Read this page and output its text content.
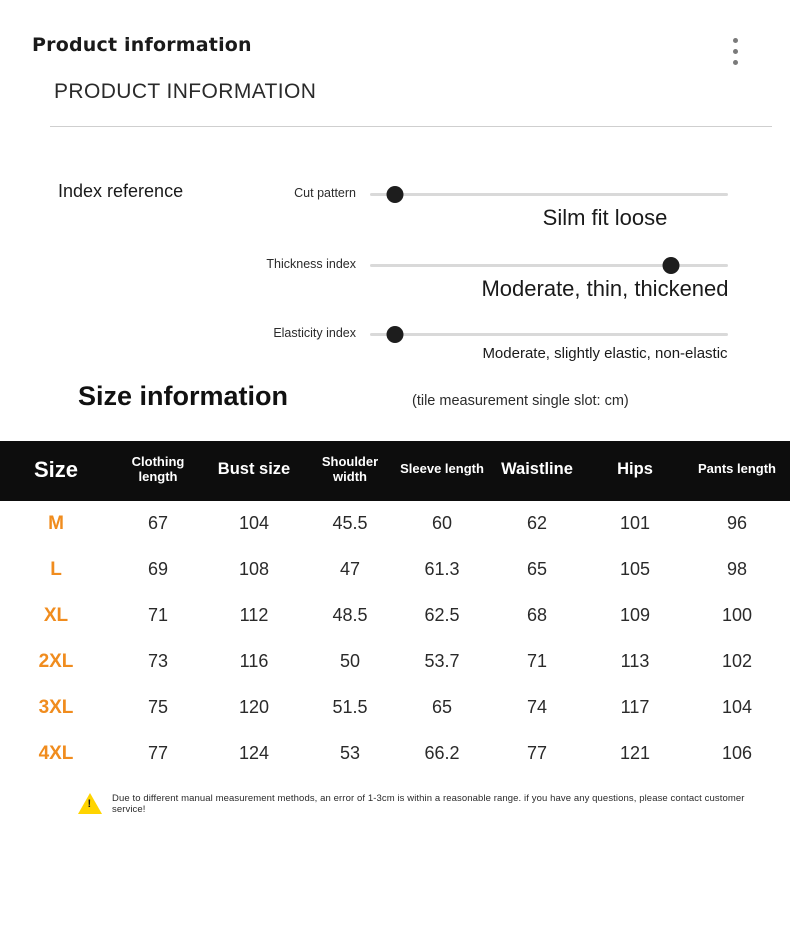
Product information
PRODUCT INFORMATION
Index reference	Cut pattern
Silm fit loose
Thickness index
Moderate, thin, thickened
Elasticity index
Moderate, slightly elastic, non-elastic
Size information	(tile measurement single slot: cm)
Size	Clothing length	Bust size	Shoulder width	Sleeve length	Waistline	Hips	Pants length
M	67	104	45.5	60	62	101	96
L	69	108	47	61.3	65	105	98
XL	71	112	48.5	62.5	68	109	100
2XL	73	116	50	53.7	71	113	102
3XL	75	120	51.5	65	74	117	104
4XL	77	124	53	66.2	77	121	106
!
Due to different manual measurement methods, an error of 1-3cm is within a reasonable range. if you have any questions, please contact customer service!
